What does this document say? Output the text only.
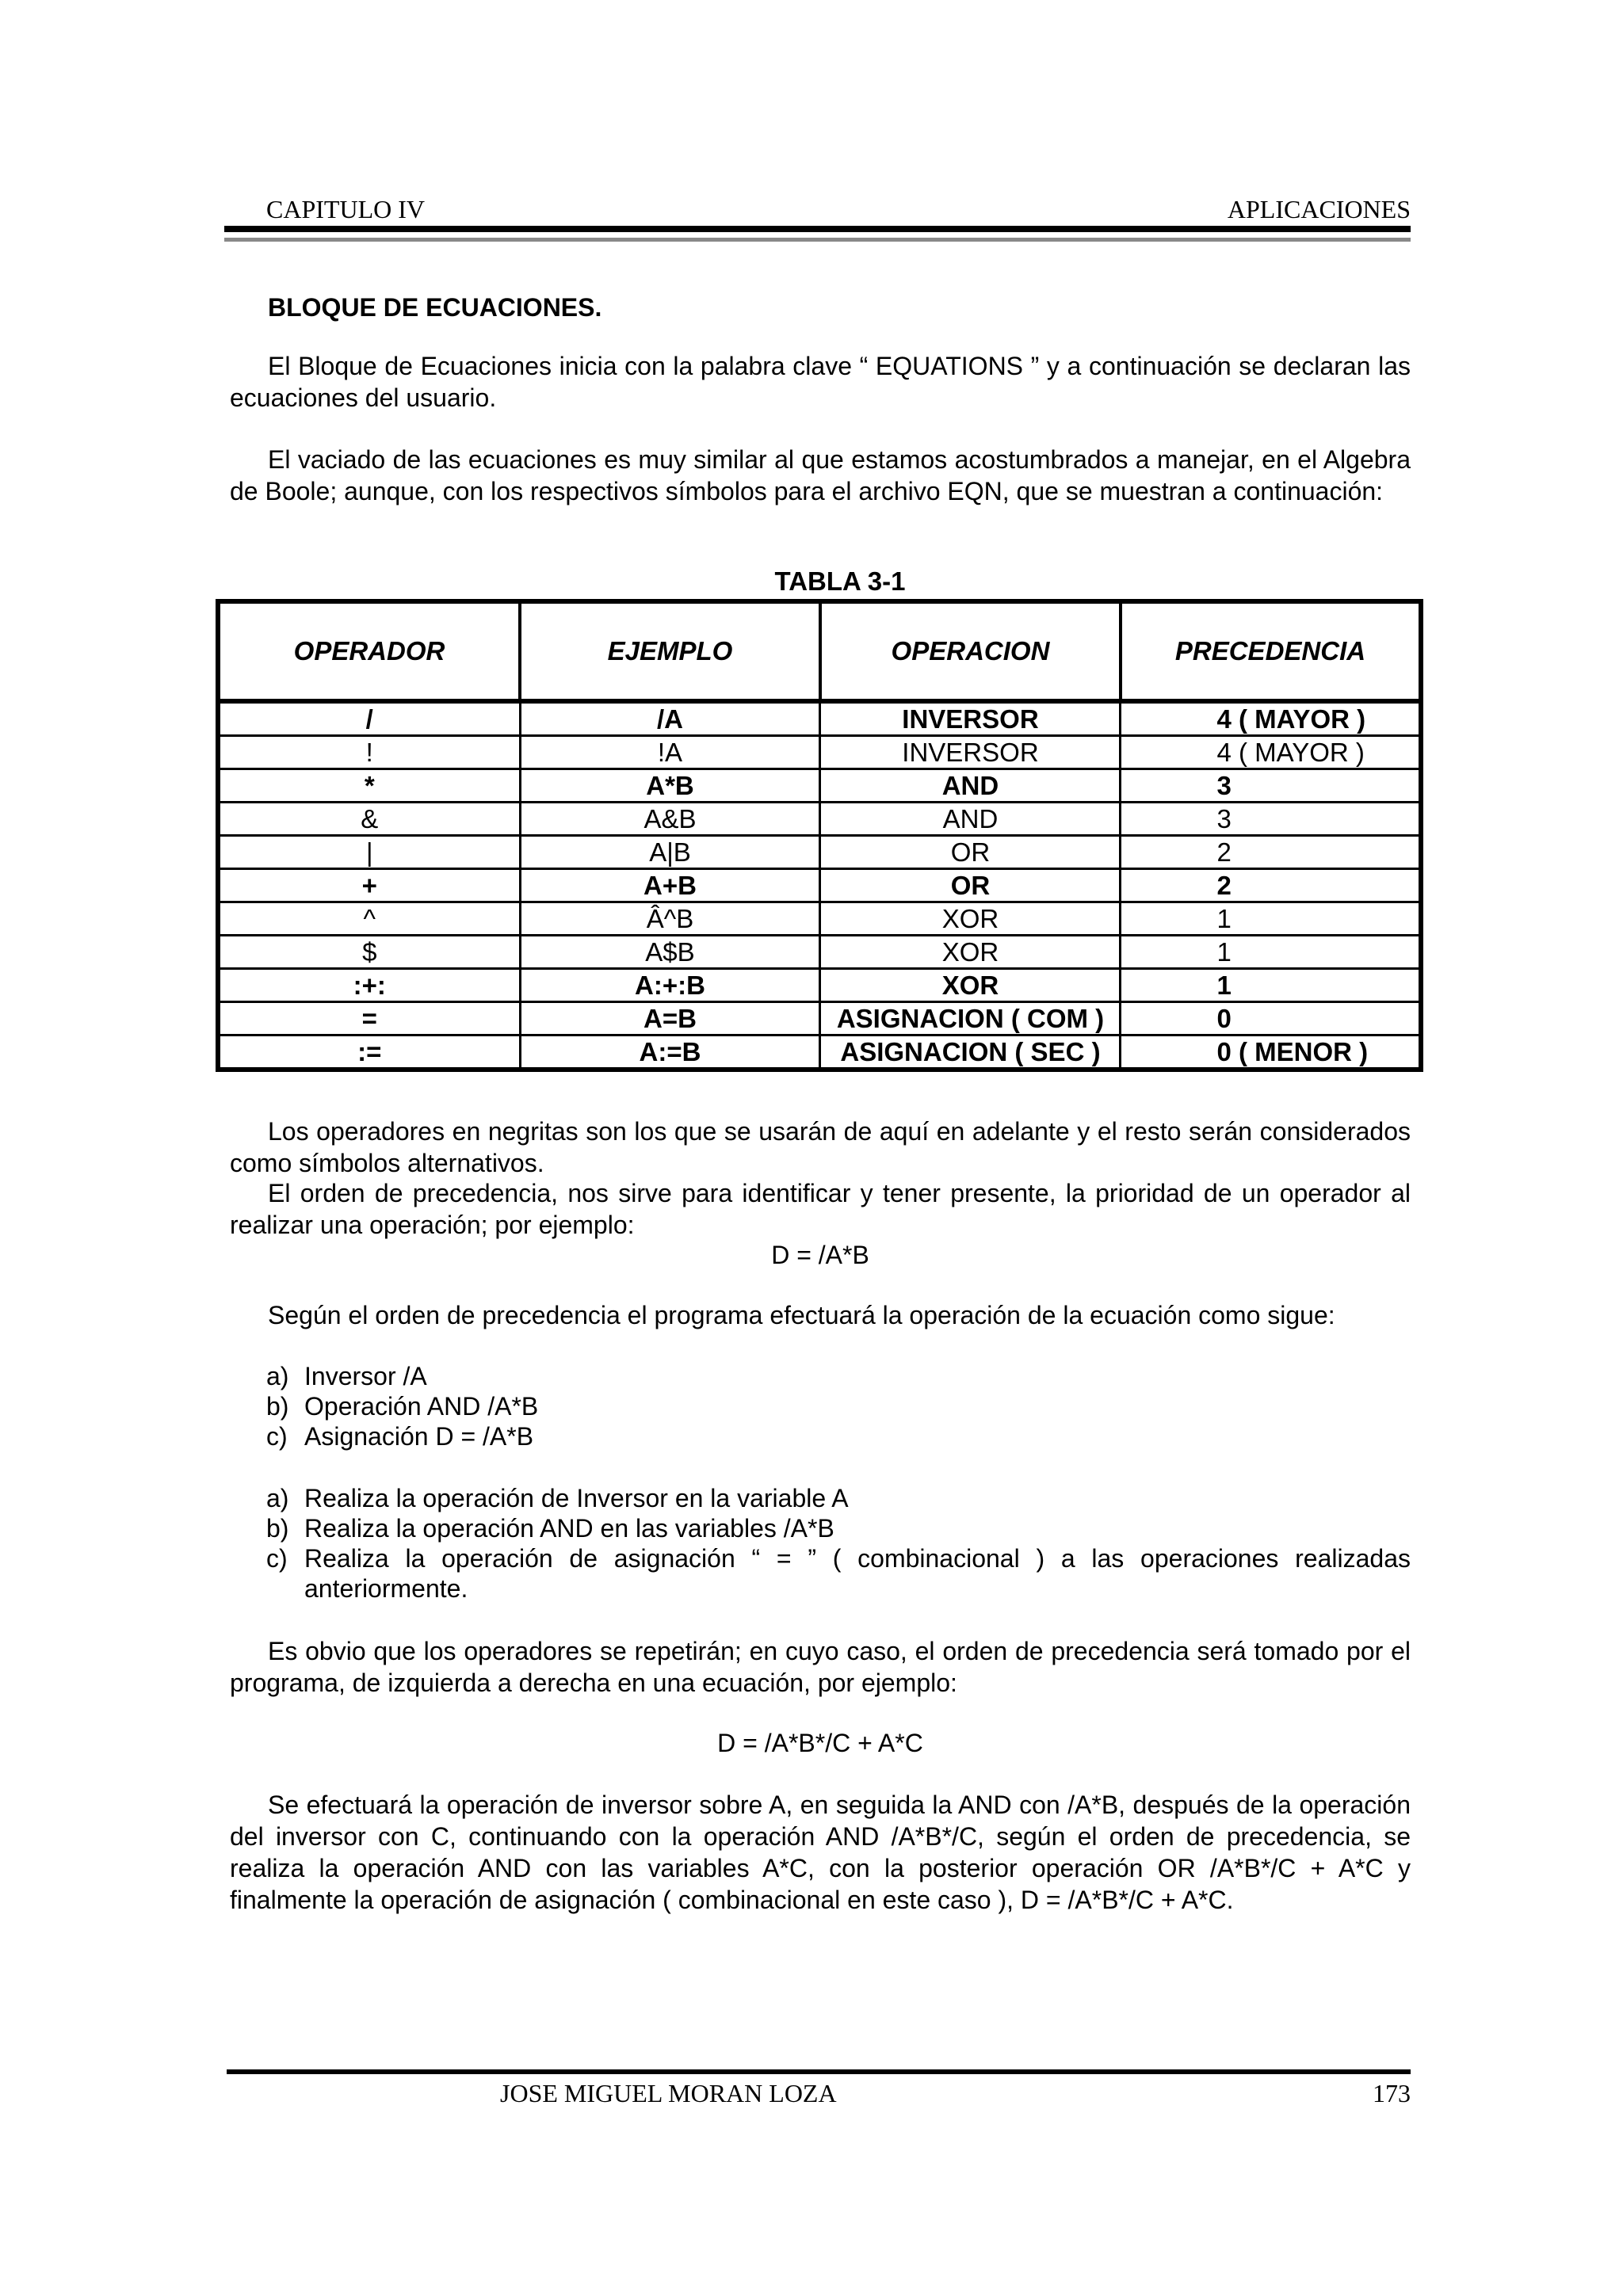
CAPITULO IV	APLICACIONES

BLOQUE DE ECUACIONES.

El Bloque de Ecuaciones inicia con la palabra clave “ EQUATIONS ” y a continuación se declaran las ecuaciones del usuario.

El vaciado de las ecuaciones es muy similar al que estamos acostumbrados a manejar, en el Algebra de Boole; aunque, con los respectivos símbolos para el archivo EQN, que se muestran a continuación:

TABLA 3-1
OPERADOR	EJEMPLO	OPERACION	PRECEDENCIA
/	/A	INVERSOR	4 ( MAYOR )
!	!A	INVERSOR	4 ( MAYOR )
*	A*B	AND	3
&	A&B	AND	3
|	A|B	OR	2
+	A+B	OR	2
^	Â^B	XOR	1
$	A$B	XOR	1
:+:	A:+:B	XOR	1
=	A=B	ASIGNACION ( COM )	0
:=	A:=B	ASIGNACION ( SEC )	0 ( MENOR )

Los operadores en negritas son los que se usarán de aquí en adelante y el resto serán considerados como símbolos alternativos.

El orden de precedencia, nos sirve para identificar y tener presente, la prioridad de un operador al realizar una operación; por ejemplo:

D = /A*B

Según el orden de precedencia el programa efectuará la operación de la ecuación como sigue:

a) Inversor /A
b) Operación AND /A*B
c) Asignación D = /A*B
a) Realiza la operación de Inversor en la variable A
b) Realiza la operación AND en las variables /A*B
c) Realiza la operación de asignación “ = ” ( combinacional ) a las operaciones realizadas anteriormente.

Es obvio que los operadores se repetirán; en cuyo caso, el orden de precedencia será tomado por el programa, de izquierda a derecha en una ecuación, por ejemplo:

D = /A*B*/C + A*C

Se efectuará la operación de inversor sobre A, en seguida la AND con /A*B, después de la operación del inversor con C, continuando con la operación AND /A*B*/C, según el orden de precedencia, se realiza la operación AND con las variables A*C, con la posterior operación OR /A*B*/C + A*C y finalmente la operación de asignación ( combinacional en este caso ), D = /A*B*/C + A*C.

JOSE MIGUEL MORAN LOZA	173
